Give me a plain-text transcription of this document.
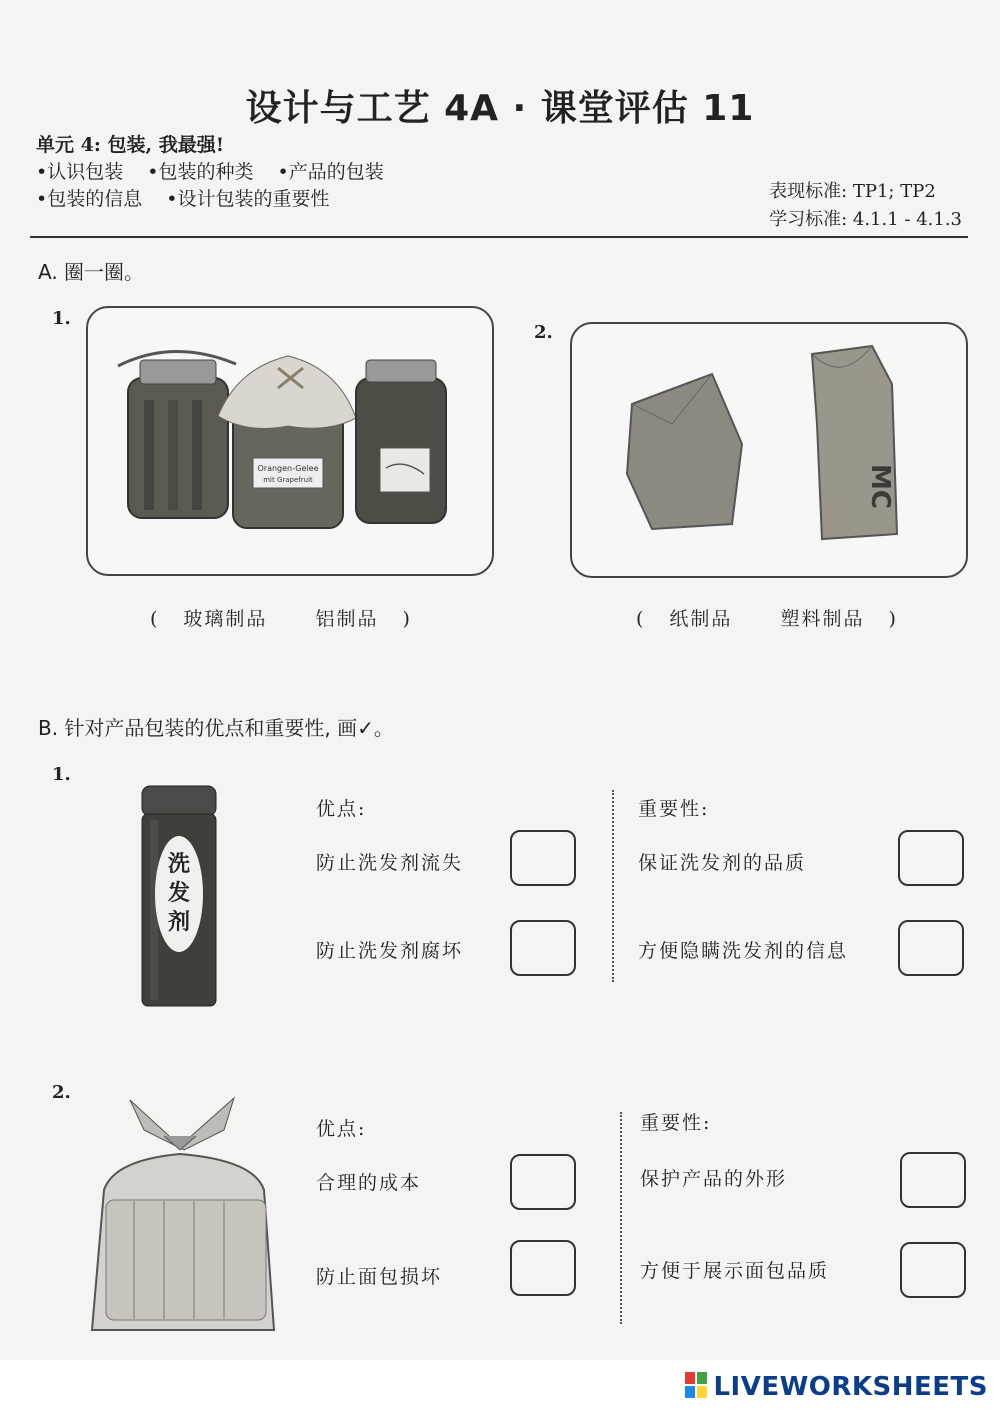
设计与工艺 4A · 课堂评估 11
单元 4: 包装, 我最强!
•认识包装 •包装的种类 •产品的包装
•包装的信息 •设计包装的重要性	表现标准: TP1; TP2
学习标准: 4.1.1 - 4.1.3
A. 圈一圈。
1.
Orangen-Gelee
mit Grapefruit
( 玻璃制品	铝制品 )
2.
MC
( 纸制品	塑料制品 )
B. 针对产品包装的优点和重要性, 画✓。
1.
洗
发
剂
优点:
防止洗发剂流失
防止洗发剂腐坏
重要性:
保证洗发剂的品质
方便隐瞒洗发剂的信息
2.
优点:
合理的成本
防止面包损坏
重要性:
保护产品的外形
方便于展示面包品质
LIVEWORKSHEETS
